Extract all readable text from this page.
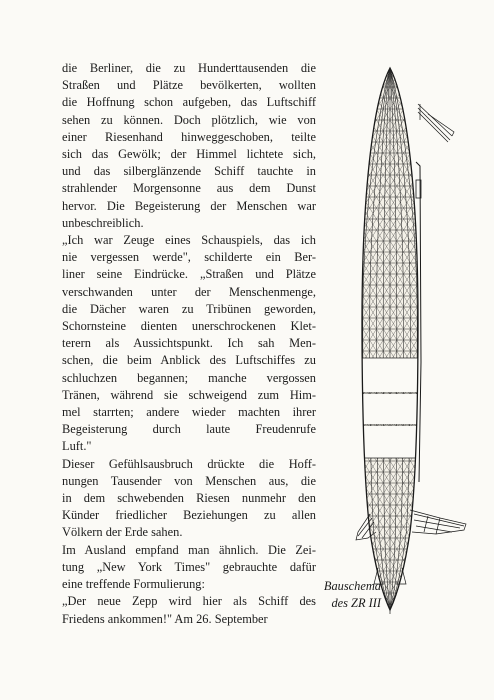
die Berliner, die zu Hunderttausenden die
Straßen und Plätze bevölkerten, wollten
die Hoffnung schon aufgeben, das Luftschiff
sehen zu können. Doch plötzlich, wie von
einer Riesenhand hinweggeschoben, teilte
sich das Gewölk; der Himmel lichtete sich,
und das silberglänzende Schiff tauchte in
strahlender Morgensonne aus dem Dunst
hervor. Die Begeisterung der Menschen war
unbeschreiblich.
„Ich war Zeuge eines Schauspiels, das ich
nie vergessen werde", schilderte ein Ber-
liner seine Eindrücke. „Straßen und Plätze
verschwanden unter der Menschenmenge,
die Dächer waren zu Tribünen geworden,
Schornsteine dienten unerschrockenen Klet-
terern als Aussichtspunkt. Ich sah Men-
schen, die beim Anblick des Luftschiffes zu
schluchzen begannen; manche vergossen
Tränen, während sie schweigend zum Him-
mel starrten; andere wieder machten ihrer
Begeisterung durch laute Freudenrufe
Luft."
Dieser Gefühlsausbruch drückte die Hoff-
nungen Tausender von Menschen aus, die
in dem schwebenden Riesen nunmehr den
Künder friedlicher Beziehungen zu allen
Völkern der Erde sahen.
Im Ausland empfand man ähnlich. Die Zei-
tung „New York Times" gebrauchte dafür
eine treffende Formulierung:
„Der neue Zepp wird hier als Schiff des
Friedens ankommen!" Am 26. September
Bauschema
des ZR III
